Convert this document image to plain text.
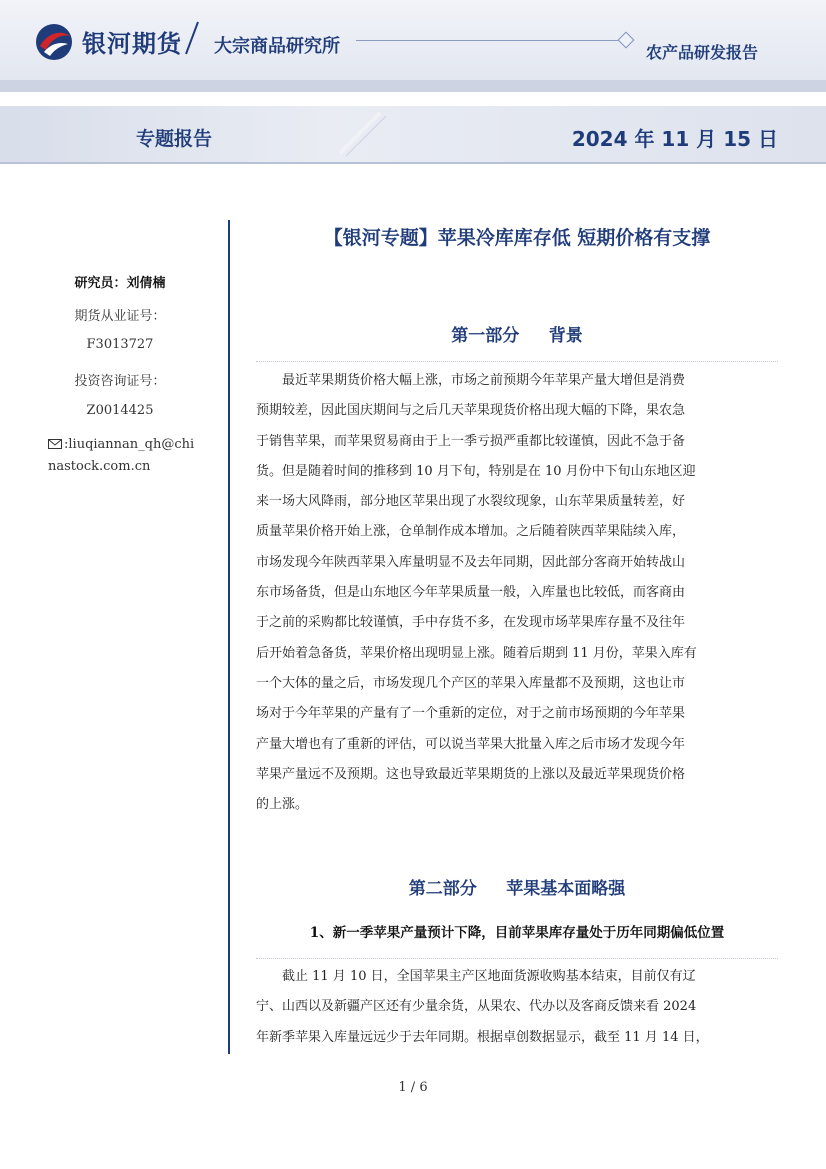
银河期货 大宗商品研究所	农产品研发报告
专题报告	2024 年 11 月 15 日
研究员：刘倩楠
期货从业证号：
F3013727
投资咨询证号：
Z0014425
:liuqiannan_qh@chinastock.com.cn
【银河专题】苹果冷库库存低 短期价格有支撑
第一部分     背景
　　最近苹果期货价格大幅上涨，市场之前预期今年苹果产量大增但是消费
预期较差，因此国庆期间与之后几天苹果现货价格出现大幅的下降，果农急
于销售苹果，而苹果贸易商由于上一季亏损严重都比较谨慎，因此不急于备
货。但是随着时间的推移到 10 月下旬，特别是在 10 月份中下旬山东地区迎
来一场大风降雨，部分地区苹果出现了水裂纹现象，山东苹果质量转差，好
质量苹果价格开始上涨，仓单制作成本增加。之后随着陕西苹果陆续入库，
市场发现今年陕西苹果入库量明显不及去年同期，因此部分客商开始转战山
东市场备货，但是山东地区今年苹果质量一般，入库量也比较低，而客商由
于之前的采购都比较谨慎，手中存货不多，在发现市场苹果库存量不及往年
后开始着急备货，苹果价格出现明显上涨。随着后期到 11 月份，苹果入库有
一个大体的量之后，市场发现几个产区的苹果入库量都不及预期，这也让市
场对于今年苹果的产量有了一个重新的定位，对于之前市场预期的今年苹果
产量大增也有了重新的评估，可以说当苹果大批量入库之后市场才发现今年
苹果产量远不及预期。这也导致最近苹果期货的上涨以及最近苹果现货价格
的上涨。
第二部分     苹果基本面略强
1、新一季苹果产量预计下降，目前苹果库存量处于历年同期偏低位置
　　截止 11 月 10 日，全国苹果主产区地面货源收购基本结束，目前仅有辽
宁、山西以及新疆产区还有少量余货，从果农、代办以及客商反馈来看 2024
年新季苹果入库量远远少于去年同期。根据卓创数据显示，截至 11 月 14 日，
1 / 6
